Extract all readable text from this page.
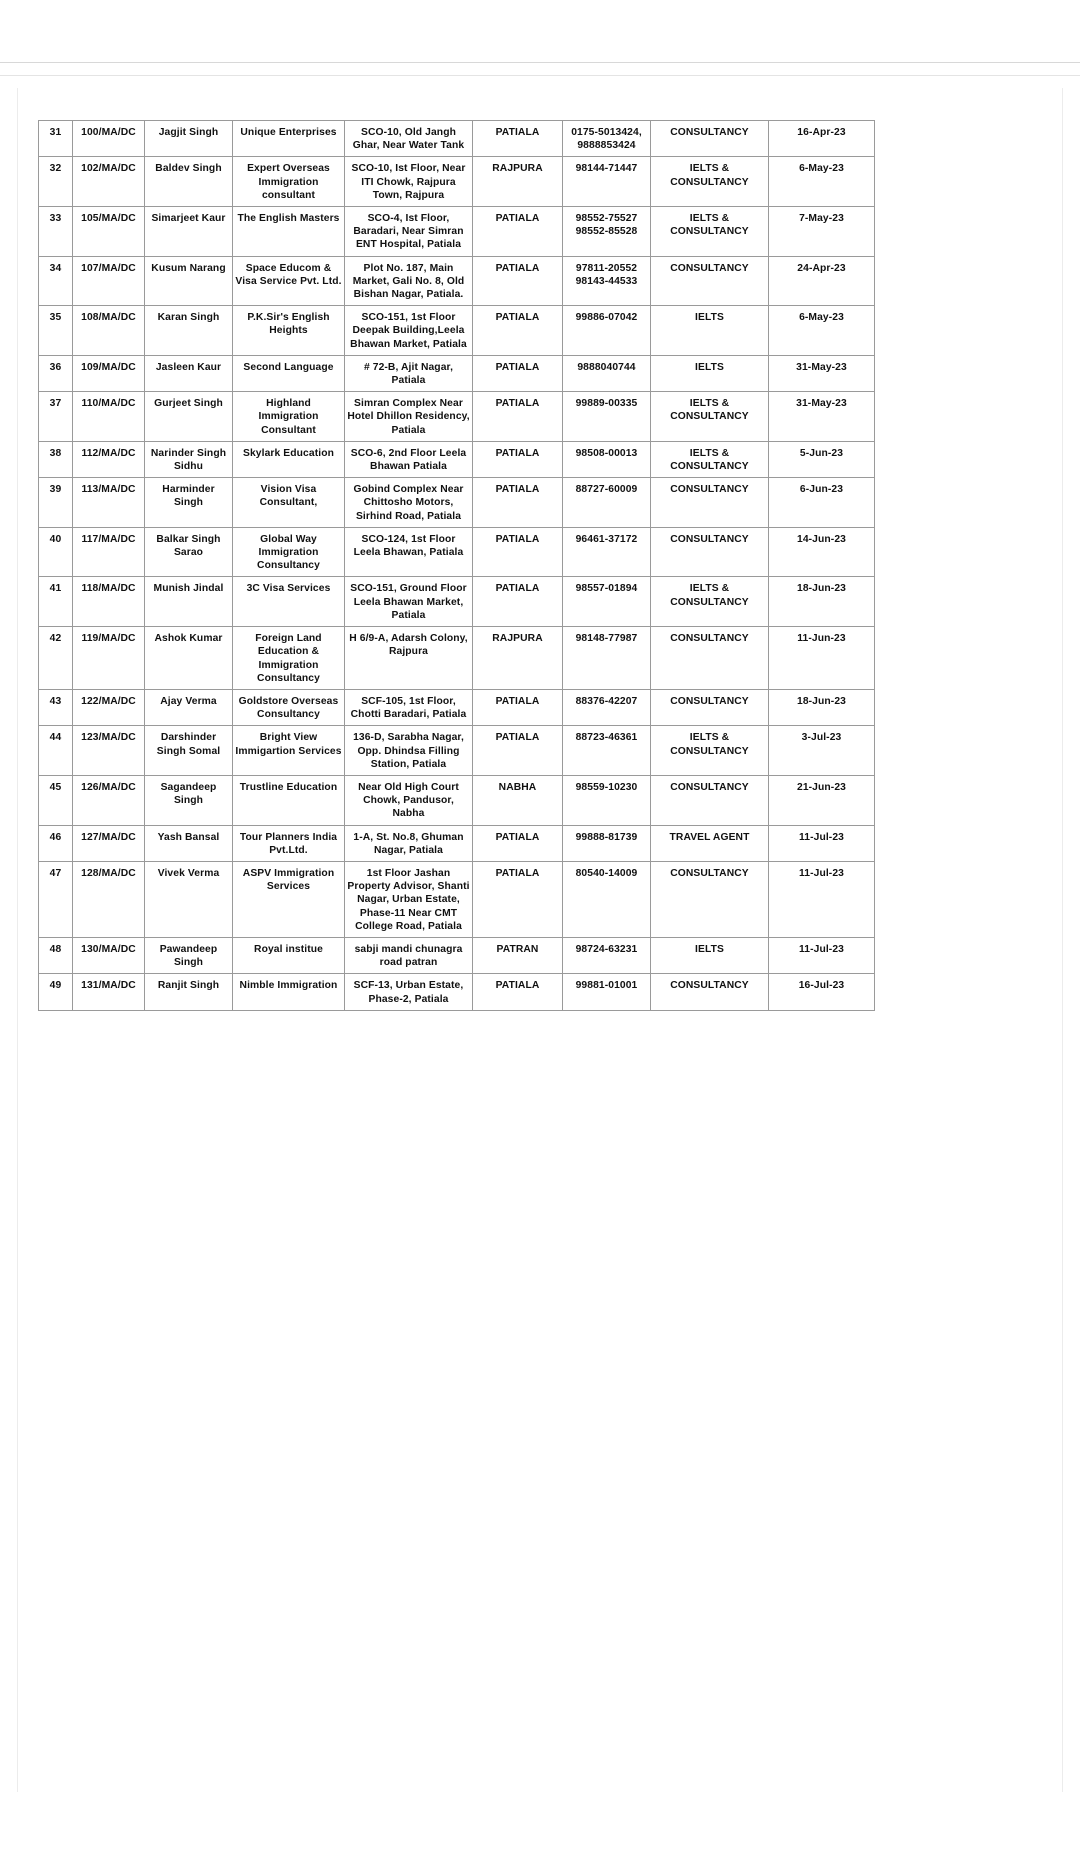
31	100/MA/DC	Jagjit Singh	Unique Enterprises	SCO-10, Old Jangh Ghar, Near Water Tank	PATIALA	0175-5013424, 9888853424	CONSULTANCY	16-Apr-23
32	102/MA/DC	Baldev Singh	Expert Overseas Immigration consultant	SCO-10, Ist Floor, Near ITI Chowk, Rajpura Town, Rajpura	RAJPURA	98144-71447	IELTS & CONSULTANCY	6-May-23
33	105/MA/DC	Simarjeet Kaur	The English Masters	SCO-4, Ist Floor, Baradari, Near Simran ENT Hospital, Patiala	PATIALA	98552-75527 98552-85528	IELTS & CONSULTANCY	7-May-23
34	107/MA/DC	Kusum Narang	Space Educom & Visa Service Pvt. Ltd.	Plot No. 187, Main Market, Gali No. 8, Old Bishan Nagar, Patiala.	PATIALA	97811-20552 98143-44533	CONSULTANCY	24-Apr-23
35	108/MA/DC	Karan Singh	P.K.Sir's English Heights	SCO-151, 1st Floor Deepak Building,Leela Bhawan Market, Patiala	PATIALA	99886-07042	IELTS	6-May-23
36	109/MA/DC	Jasleen Kaur	Second Language	# 72-B, Ajit Nagar, Patiala	PATIALA	9888040744	IELTS	31-May-23
37	110/MA/DC	Gurjeet Singh	Highland Immigration Consultant	Simran Complex Near Hotel Dhillon Residency, Patiala	PATIALA	99889-00335	IELTS & CONSULTANCY	31-May-23
38	112/MA/DC	Narinder Singh Sidhu	Skylark Education	SCO-6, 2nd Floor Leela Bhawan Patiala	PATIALA	98508-00013	IELTS & CONSULTANCY	5-Jun-23
39	113/MA/DC	Harminder Singh	Vision Visa Consultant,	Gobind Complex Near Chittosho Motors, Sirhind Road, Patiala	PATIALA	88727-60009	CONSULTANCY	6-Jun-23
40	117/MA/DC	Balkar Singh Sarao	Global Way Immigration Consultancy	SCO-124, 1st Floor Leela Bhawan, Patiala	PATIALA	96461-37172	CONSULTANCY	14-Jun-23
41	118/MA/DC	Munish Jindal	3C Visa Services	SCO-151, Ground Floor Leela Bhawan Market, Patiala	PATIALA	98557-01894	IELTS & CONSULTANCY	18-Jun-23
42	119/MA/DC	Ashok Kumar	Foreign Land Education & Immigration Consultancy	H 6/9-A, Adarsh Colony, Rajpura	RAJPURA	98148-77987	CONSULTANCY	11-Jun-23
43	122/MA/DC	Ajay Verma	Goldstore Overseas Consultancy	SCF-105, 1st Floor, Chotti Baradari, Patiala	PATIALA	88376-42207	CONSULTANCY	18-Jun-23
44	123/MA/DC	Darshinder Singh Somal	Bright View Immigartion Services	136-D, Sarabha Nagar, Opp. Dhindsa Filling Station, Patiala	PATIALA	88723-46361	IELTS & CONSULTANCY	3-Jul-23
45	126/MA/DC	Sagandeep Singh	Trustline Education	Near Old High Court Chowk, Pandusor, Nabha	NABHA	98559-10230	CONSULTANCY	21-Jun-23
46	127/MA/DC	Yash Bansal	Tour Planners India Pvt.Ltd.	1-A, St. No.8, Ghuman Nagar, Patiala	PATIALA	99888-81739	TRAVEL AGENT	11-Jul-23
47	128/MA/DC	Vivek Verma	ASPV Immigration Services	1st Floor Jashan Property Advisor, Shanti Nagar, Urban Estate, Phase-11 Near CMT College Road, Patiala	PATIALA	80540-14009	CONSULTANCY	11-Jul-23
48	130/MA/DC	Pawandeep Singh	Royal institue	sabji mandi chunagra road patran	PATRAN	98724-63231	IELTS	11-Jul-23
49	131/MA/DC	Ranjit Singh	Nimble Immigration	SCF-13, Urban Estate, Phase-2, Patiala	PATIALA	99881-01001	CONSULTANCY	16-Jul-23
